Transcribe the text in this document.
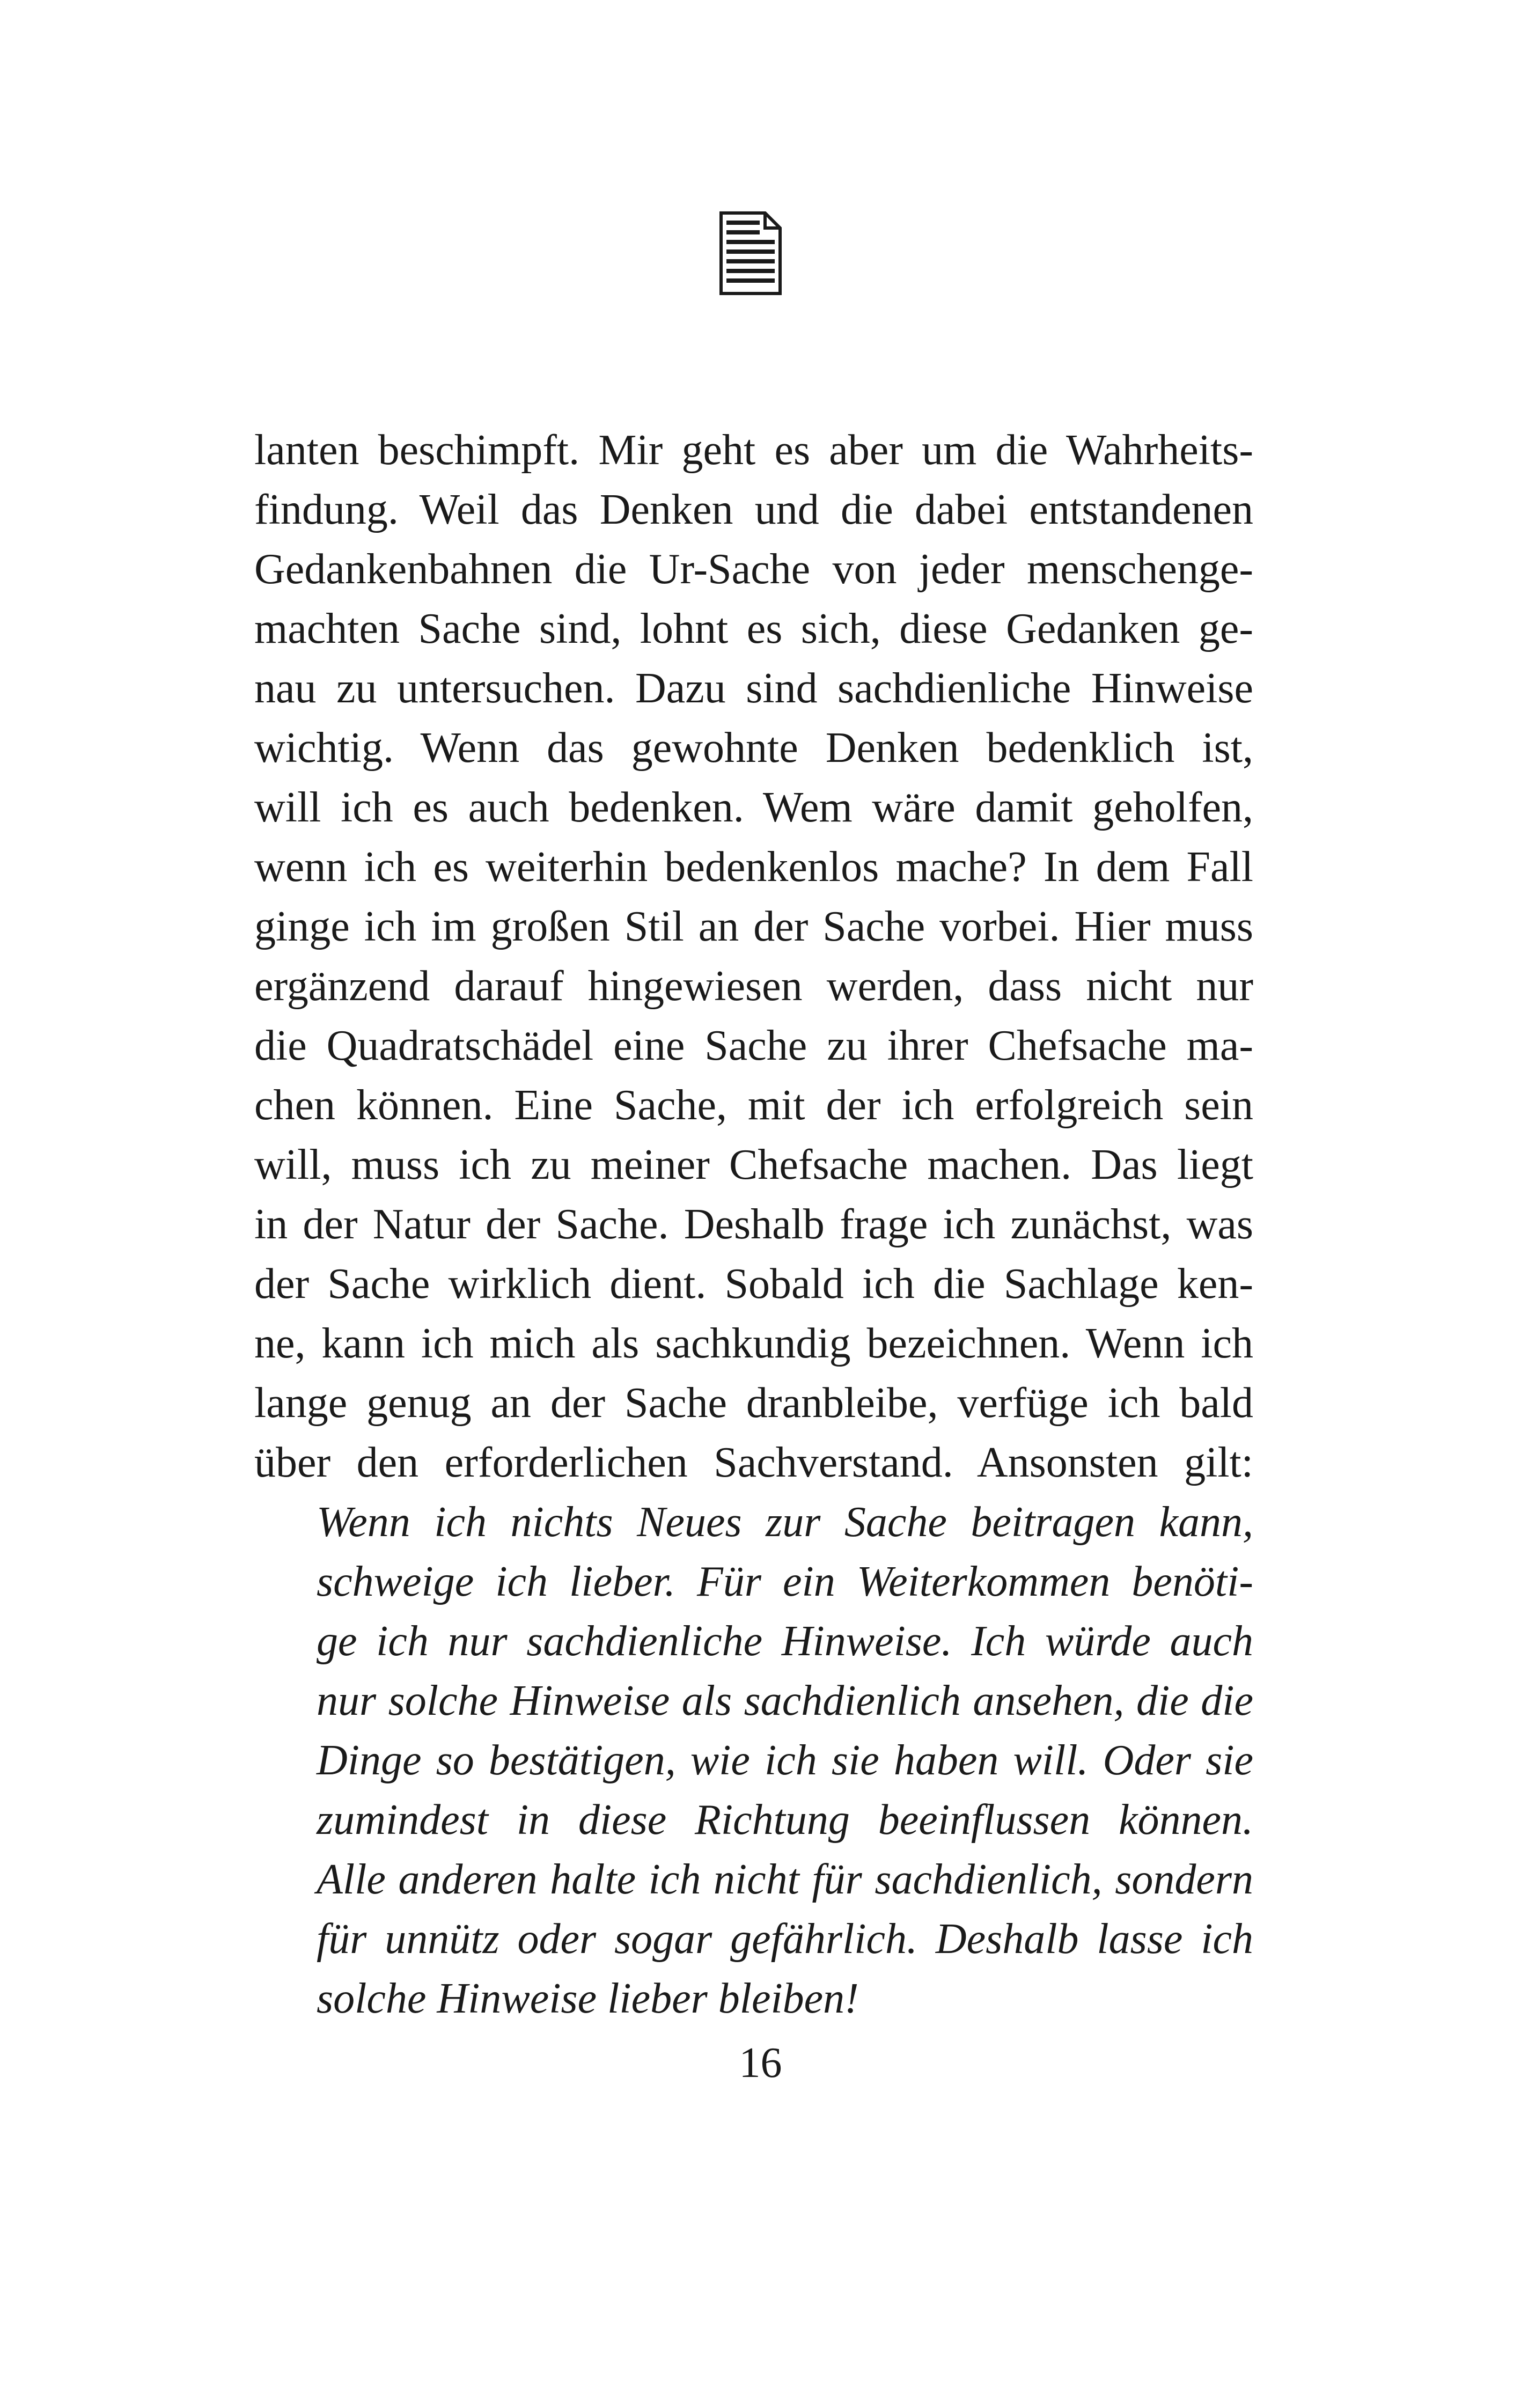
lanten beschimpft. Mir geht es aber um die Wahrheits-
findung. Weil das Denken und die dabei entstandenen
Gedankenbahnen die Ur-Sache von jeder menschenge-
machten Sache sind, lohnt es sich, diese Gedanken ge-
nau zu untersuchen. Dazu sind sachdienliche Hinweise
wichtig. Wenn das gewohnte Denken bedenklich ist,
will ich es auch bedenken. Wem wäre damit geholfen,
wenn ich es weiterhin bedenkenlos mache? In dem Fall
ginge ich im großen Stil an der Sache vorbei. Hier muss
ergänzend darauf hingewiesen werden, dass nicht nur
die Quadratschädel eine Sache zu ihrer Chefsache ma-
chen können. Eine Sache, mit der ich erfolgreich sein
will, muss ich zu meiner Chefsache machen. Das liegt
in der Natur der Sache. Deshalb frage ich zunächst, was
der Sache wirklich dient. Sobald ich die Sachlage ken-
ne, kann ich mich als sachkundig bezeichnen. Wenn ich
lange genug an der Sache dranbleibe, verfüge ich bald
über den erforderlichen Sachverstand. Ansonsten gilt:
Wenn ich nichts Neues zur Sache beitragen kann,
schweige ich lieber. Für ein Weiterkommen benöti-
ge ich nur sachdienliche Hinweise. Ich würde auch
nur solche Hinweise als sachdienlich ansehen, die die
Dinge so bestätigen, wie ich sie haben will. Oder sie
zumindest in diese Richtung beeinflussen können.
Alle anderen halte ich nicht für sachdienlich, sondern
für unnütz oder sogar gefährlich. Deshalb lasse ich
solche Hinweise lieber bleiben!
16
